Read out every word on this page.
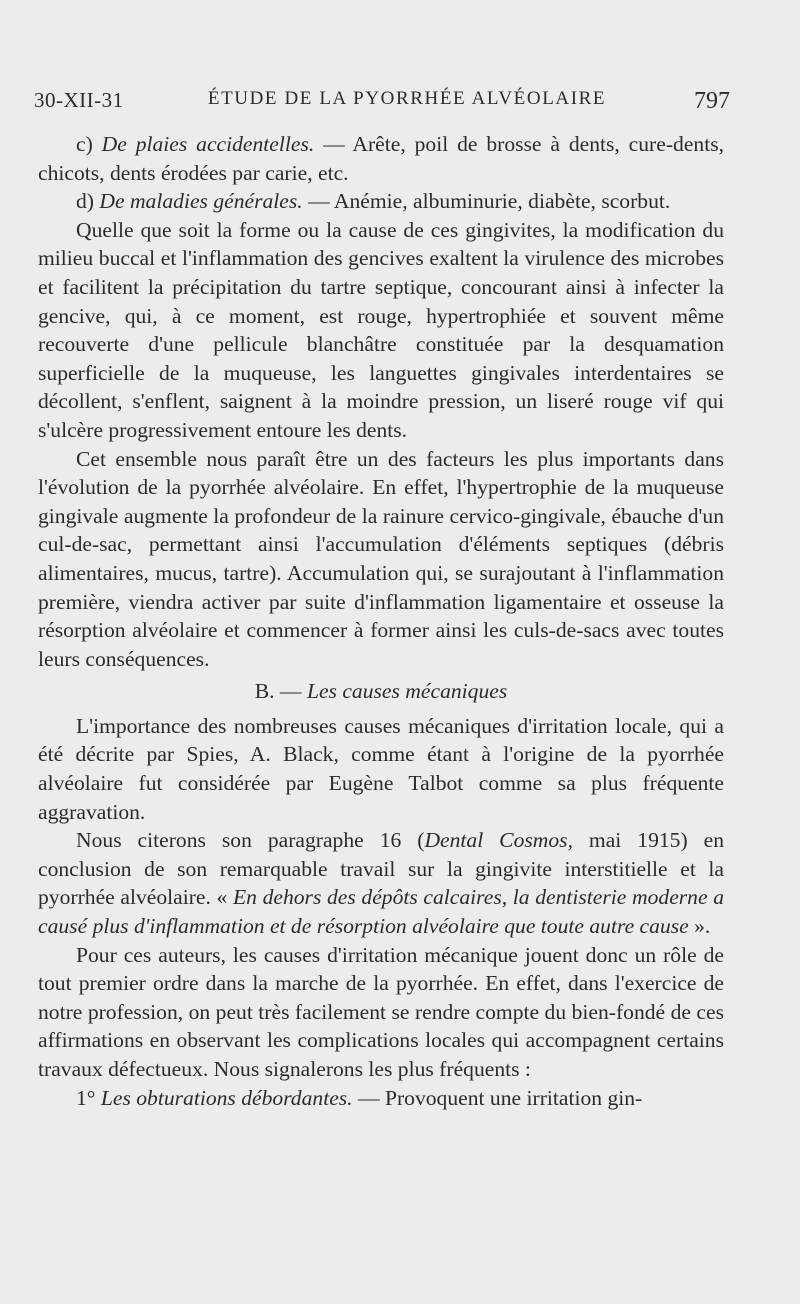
30-XII-31	ÉTUDE DE LA PYORRHÉE ALVÉOLAIRE	797

c) De plaies accidentelles. — Arête, poil de brosse à dents, cure-dents, chicots, dents érodées par carie, etc.

d) De maladies générales. — Anémie, albuminurie, diabète, scorbut.

Quelle que soit la forme ou la cause de ces gingivites, la modification du milieu buccal et l'inflammation des gencives exaltent la virulence des microbes et facilitent la précipitation du tartre septique, concourant ainsi à infecter la gencive, qui, à ce moment, est rouge, hypertrophiée et souvent même recouverte d'une pellicule blanchâtre constituée par la desquamation superficielle de la muqueuse, les languettes gingivales interdentaires se décollent, s'enflent, saignent à la moindre pression, un liseré rouge vif qui s'ulcère progressivement entoure les dents.

Cet ensemble nous paraît être un des facteurs les plus importants dans l'évolution de la pyorrhée alvéolaire. En effet, l'hypertrophie de la muqueuse gingivale augmente la profondeur de la rainure cervico-gingivale, ébauche d'un cul-de-sac, permettant ainsi l'accumulation d'éléments septiques (débris alimentaires, mucus, tartre). Accumulation qui, se surajoutant à l'inflammation première, viendra activer par suite d'inflammation ligamentaire et osseuse la résorption alvéolaire et commencer à former ainsi les culs-de-sacs avec toutes leurs conséquences.

B. — Les causes mécaniques

L'importance des nombreuses causes mécaniques d'irritation locale, qui a été décrite par Spies, A. Black, comme étant à l'origine de la pyorrhée alvéolaire fut considérée par Eugène Talbot comme sa plus fréquente aggravation.

Nous citerons son paragraphe 16 (Dental Cosmos, mai 1915) en conclusion de son remarquable travail sur la gingivite interstitielle et la pyorrhée alvéolaire. « En dehors des dépôts calcaires, la dentisterie moderne a causé plus d'inflammation et de résorption alvéolaire que toute autre cause ».

Pour ces auteurs, les causes d'irritation mécanique jouent donc un rôle de tout premier ordre dans la marche de la pyorrhée. En effet, dans l'exercice de notre profession, on peut très facilement se rendre compte du bien-fondé de ces affirmations en observant les complications locales qui accompagnent certains travaux défectueux. Nous signalerons les plus fréquents :

1° Les obturations débordantes. — Provoquent une irritation gin-
